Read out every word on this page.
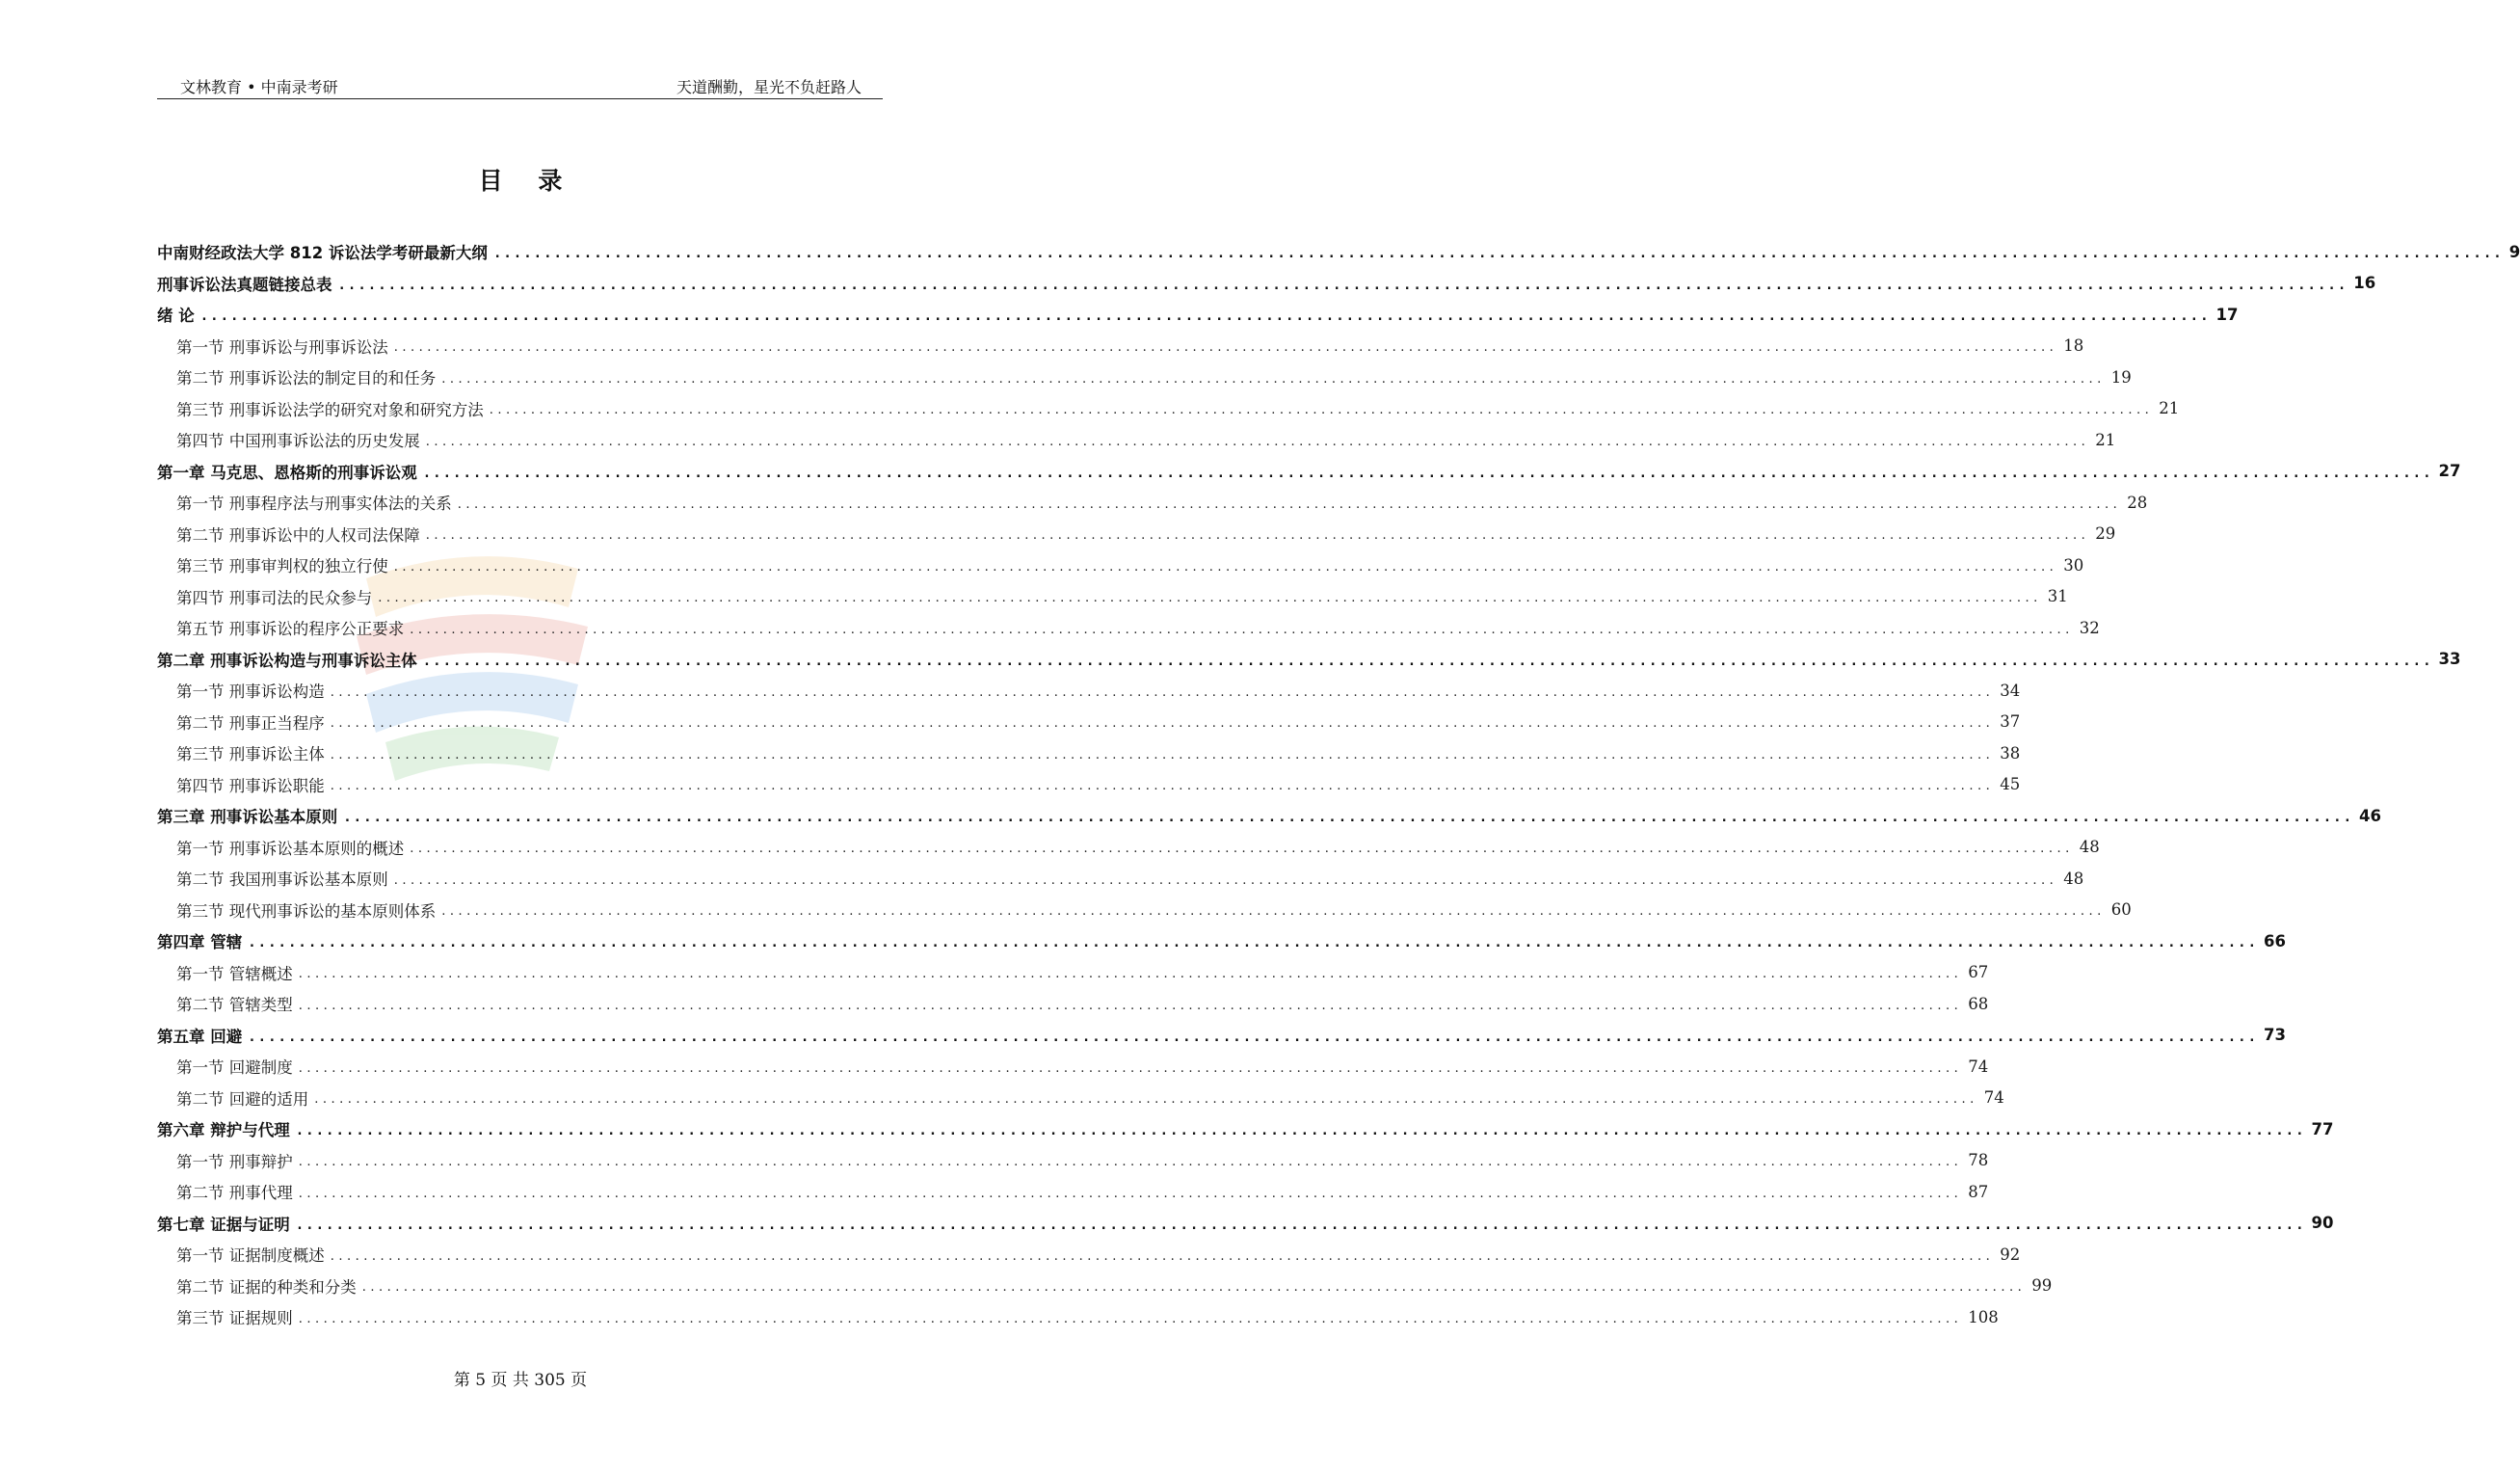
文林教育 • 中南录考研	天道酬勤，星光不负赶路人
目 录
中南财经政法大学 812 诉讼法学考研最新大纲 ........................................................................................................................................................................................................ 9
刑事诉讼法真题链接总表 ........................................................................................................................................................................................................ 16
绪 论 ........................................................................................................................................................................................................ 17
第一节 刑事诉讼与刑事诉讼法 ........................................................................................................................................................................................................ 18
第二节 刑事诉讼法的制定目的和任务 ........................................................................................................................................................................................................ 19
第三节 刑事诉讼法学的研究对象和研究方法 ........................................................................................................................................................................................................ 21
第四节 中国刑事诉讼法的历史发展 ........................................................................................................................................................................................................ 21
第一章 马克思、恩格斯的刑事诉讼观 ........................................................................................................................................................................................................ 27
第一节 刑事程序法与刑事实体法的关系 ........................................................................................................................................................................................................ 28
第二节 刑事诉讼中的人权司法保障 ........................................................................................................................................................................................................ 29
第三节 刑事审判权的独立行使 ........................................................................................................................................................................................................ 30
第四节 刑事司法的民众参与 ........................................................................................................................................................................................................ 31
第五节 刑事诉讼的程序公正要求 ........................................................................................................................................................................................................ 32
第二章 刑事诉讼构造与刑事诉讼主体 ........................................................................................................................................................................................................ 33
第一节 刑事诉讼构造 ........................................................................................................................................................................................................ 34
第二节 刑事正当程序 ........................................................................................................................................................................................................ 37
第三节 刑事诉讼主体 ........................................................................................................................................................................................................ 38
第四节 刑事诉讼职能 ........................................................................................................................................................................................................ 45
第三章 刑事诉讼基本原则 ........................................................................................................................................................................................................ 46
第一节 刑事诉讼基本原则的概述 ........................................................................................................................................................................................................ 48
第二节 我国刑事诉讼基本原则 ........................................................................................................................................................................................................ 48
第三节 现代刑事诉讼的基本原则体系 ........................................................................................................................................................................................................ 60
第四章 管辖 ........................................................................................................................................................................................................ 66
第一节 管辖概述 ........................................................................................................................................................................................................ 67
第二节 管辖类型 ........................................................................................................................................................................................................ 68
第五章 回避 ........................................................................................................................................................................................................ 73
第一节 回避制度 ........................................................................................................................................................................................................ 74
第二节 回避的适用 ........................................................................................................................................................................................................ 74
第六章 辩护与代理 ........................................................................................................................................................................................................ 77
第一节 刑事辩护 ........................................................................................................................................................................................................ 78
第二节 刑事代理 ........................................................................................................................................................................................................ 87
第七章 证据与证明 ........................................................................................................................................................................................................ 90
第一节 证据制度概述 ........................................................................................................................................................................................................ 92
第二节 证据的种类和分类 ........................................................................................................................................................................................................ 99
第三节 证据规则 ........................................................................................................................................................................................................ 108
第 5 页 共 305 页
